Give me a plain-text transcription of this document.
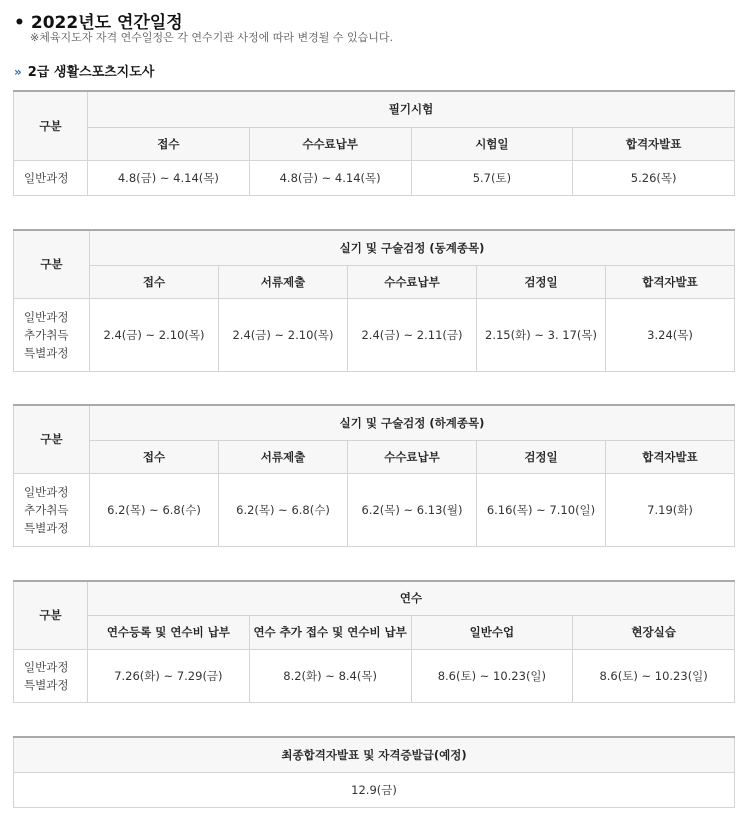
• 2022년도 연간일정
※체육지도자 자격 연수일정은 각 연수기관 사정에 따라 변경될 수 있습니다.
» 2급 생활스포츠지도사
구분	필기시험			
	접수	수수료납부	시험일	합격자발표
일반과정	4.8(금) ~ 4.14(목)	4.8(금) ~ 4.14(목)	5.7(토)	5.26(목)
구분	실기 및 구술검정 (동계종목)				
	접수	서류제출	수수료납부	검정일	합격자발표

일반과정
추가취득
특별과정	2.4(금) ~ 2.10(목)	2.4(금) ~ 2.10(목)	2.4(금) ~ 2.11(금)	2.15(화) ~ 3. 17(목)	3.24(목)
구분	실기 및 구술검정 (하계종목)				
	접수	서류제출	수수료납부	검정일	합격자발표

일반과정
추가취득
특별과정	6.2(목) ~ 6.8(수)	6.2(목) ~ 6.8(수)	6.2(목) ~ 6.13(월)	6.16(목) ~ 7.10(일)	7.19(화)
구분	연수			
	연수등록 및 연수비 납부	연수 추가 접수 및 연수비 납부	일반수업	현장실습

일반과정
특별과정	7.26(화) ~ 7.29(금)	8.2(화) ~ 8.4(목)	8.6(토) ~ 10.23(일)	8.6(토) ~ 10.23(일)
최종합격자발표 및 자격증발급(예정)
12.9(금)
